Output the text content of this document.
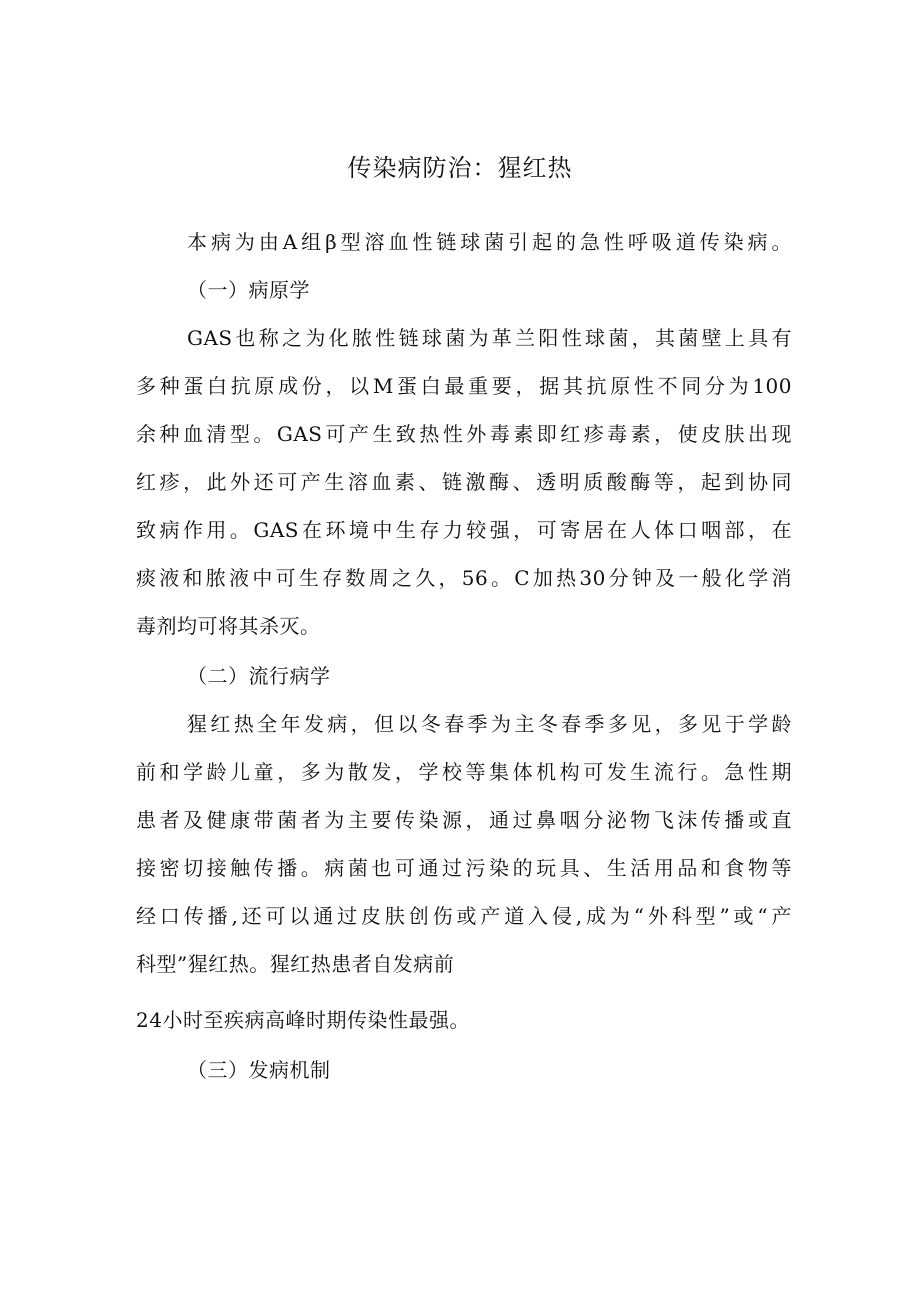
传染病防治：猩红热
本病为由A组β型溶血性链球菌引起的急性呼吸道传染病。
（一）病原学
GAS也称之为化脓性链球菌为革兰阳性球菌，其菌壁上具有
多种蛋白抗原成份，以M蛋白最重要，据其抗原性不同分为100
余种血清型。GAS可产生致热性外毒素即红疹毒素，使皮肤出现
红疹，此外还可产生溶血素、链激酶、透明质酸酶等，起到协同
致病作用。GAS在环境中生存力较强，可寄居在人体口咽部，在
痰液和脓液中可生存数周之久，56。C加热30分钟及一般化学消
毒剂均可将其杀灭。
（二）流行病学
猩红热全年发病，但以冬春季为主冬春季多见，多见于学龄
前和学龄儿童，多为散发，学校等集体机构可发生流行。急性期
患者及健康带菌者为主要传染源，通过鼻咽分泌物飞沫传播或直
接密切接触传播。病菌也可通过污染的玩具、生活用品和食物等
经口传播,还可以通过皮肤创伤或产道入侵,成为“外科型”或“产
科型”猩红热。猩红热患者自发病前
24小时至疾病高峰时期传染性最强。
（三）发病机制
